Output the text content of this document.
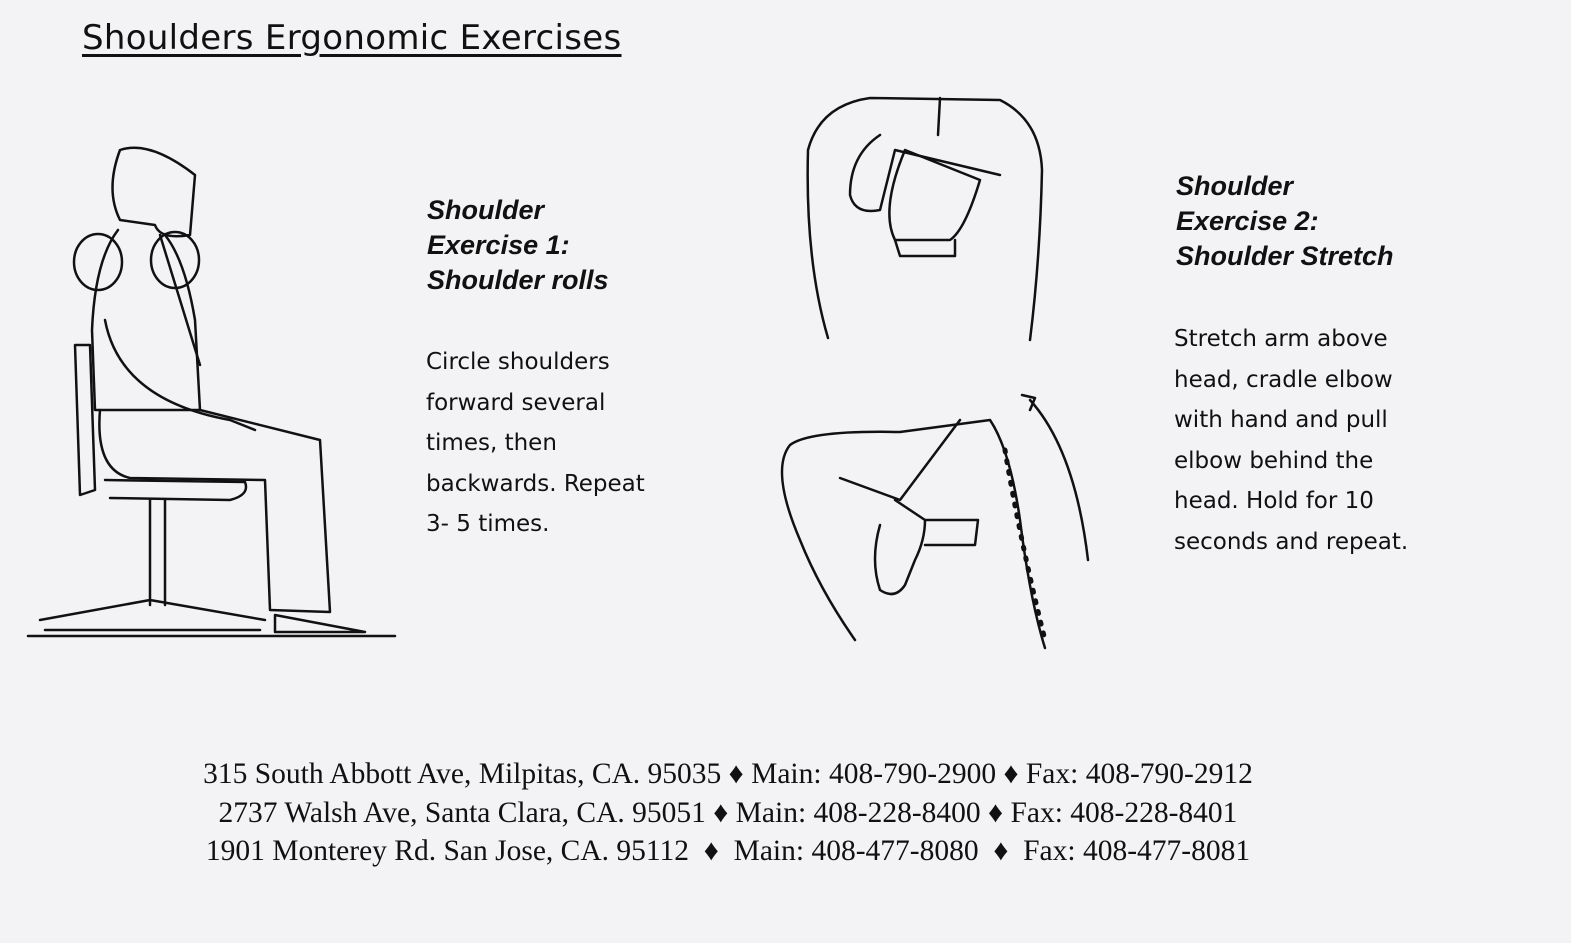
Shoulders Ergonomic Exercises
Shoulder
Exercise 1:
Shoulder rolls
Circle shoulders
forward several
times, then
backwards. Repeat
3- 5 times.
Shoulder
Exercise 2:
Shoulder Stretch
Stretch arm above
head, cradle elbow
with hand and pull
elbow behind the
head. Hold for 10
seconds and repeat.
315 South Abbott Ave, Milpitas, CA. 95035 ♦ Main: 408-790-2900 ♦ Fax: 408-790-2912
2737 Walsh Ave, Santa Clara, CA. 95051 ♦ Main: 408-228-8400 ♦ Fax: 408-228-8401
1901 Monterey Rd. San Jose, CA. 95112  ♦  Main: 408-477-8080  ♦  Fax: 408-477-8081
